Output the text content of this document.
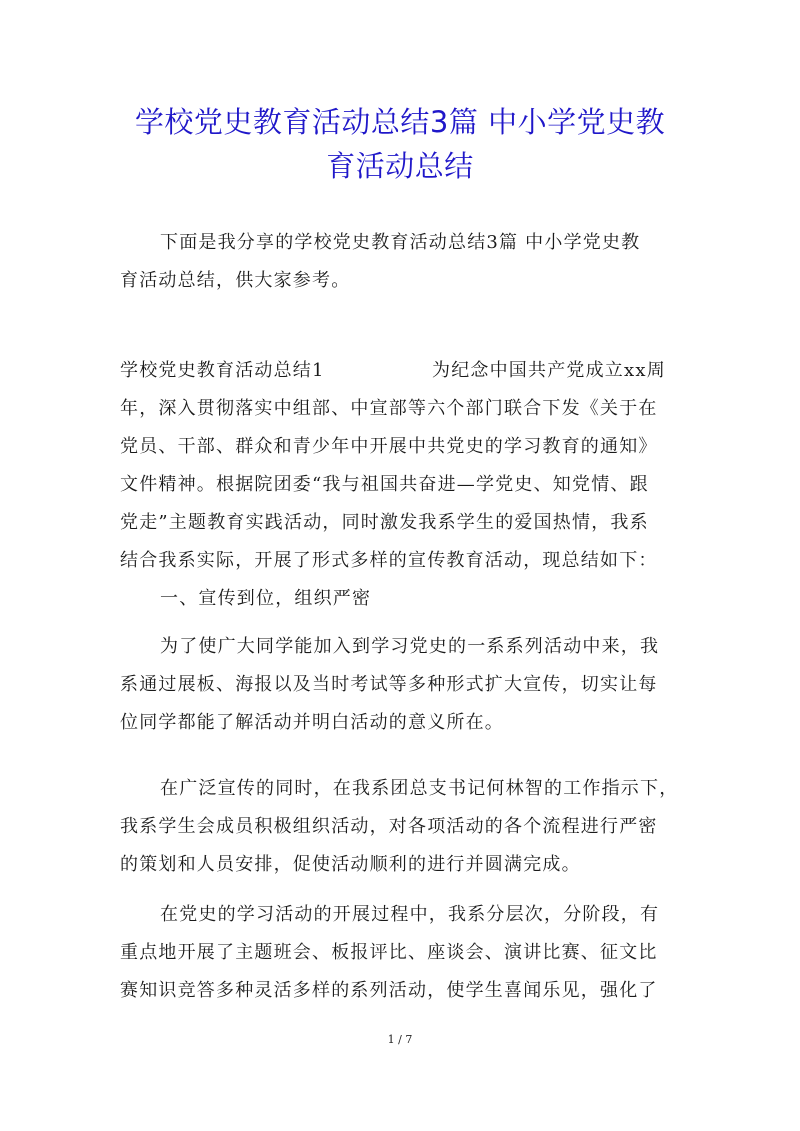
学校党史教育活动总结3篇 中小学党史教
育活动总结
下面是我分享的学校党史教育活动总结3篇 中小学党史教
育活动总结，供大家参考。
学校党史教育活动总结1	为纪念中国共产党成立xx周
年，深入贯彻落实中组部、中宣部等六个部门联合下发《关于在
党员、干部、群众和青少年中开展中共党史的学习教育的通知》
文件精神。根据院团委“我与祖国共奋进—学党史、知党情、跟
党走”主题教育实践活动，同时激发我系学生的爱国热情，我系
结合我系实际，开展了形式多样的宣传教育活动，现总结如下：
一、宣传到位，组织严密
为了使广大同学能加入到学习党史的一系系列活动中来，我
系通过展板、海报以及当时考试等多种形式扩大宣传，切实让每
位同学都能了解活动并明白活动的意义所在。
在广泛宣传的同时，在我系团总支书记何林智的工作指示下，
我系学生会成员积极组织活动，对各项活动的各个流程进行严密
的策划和人员安排，促使活动顺利的进行并圆满完成。
在党史的学习活动的开展过程中，我系分层次，分阶段，有
重点地开展了主题班会、板报评比、座谈会、演讲比赛、征文比
赛知识竞答多种灵活多样的系列活动，使学生喜闻乐见，强化了
1 / 7
